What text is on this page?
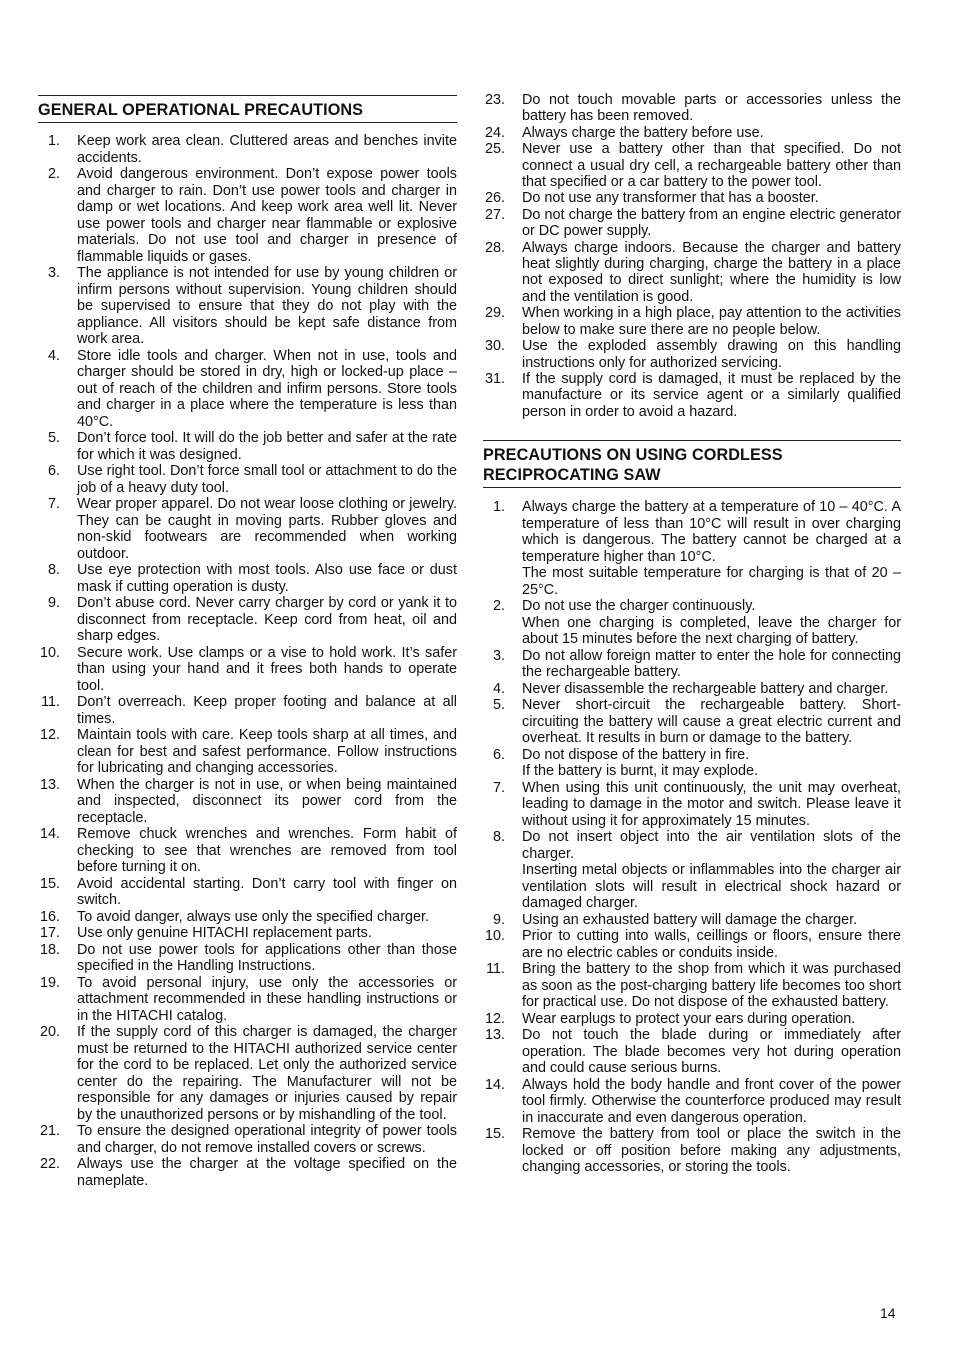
GENERAL OPERATIONAL PRECAUTIONS
1. Keep work area clean. Cluttered areas and benches invite accidents.
2. Avoid dangerous environment. Don’t expose power tools and charger to rain. Don’t use power tools and charger in damp or wet locations. And keep work area well lit. Never use power tools and charger near flammable or explosive materials. Do not use tool and charger in presence of flammable liquids or gases.
3. The appliance is not intended for use by young children or infirm persons without supervision. Young children should be supervised to ensure that they do not play with the appliance. All visitors should be kept safe distance from work area.
4. Store idle tools and charger. When not in use, tools and charger should be stored in dry, high or locked-up place – out of reach of the children and infirm persons. Store tools and charger in a place where the temperature is less than 40°C.
5. Don’t force tool. It will do the job better and safer at the rate for which it was designed.
6. Use right tool. Don’t force small tool or attachment to do the job of a heavy duty tool.
7. Wear proper apparel. Do not wear loose clothing or jewelry. They can be caught in moving parts. Rubber gloves and non-skid footwears are recommended when working outdoor.
8. Use eye protection with most tools. Also use face or dust mask if cutting operation is dusty.
9. Don’t abuse cord. Never carry charger by cord or yank it to disconnect from receptacle. Keep cord from heat, oil and sharp edges.
10. Secure work. Use clamps or a vise to hold work. It’s safer than using your hand and it frees both hands to operate tool.
11. Don’t overreach. Keep proper footing and balance at all times.
12. Maintain tools with care. Keep tools sharp at all times, and clean for best and safest performance. Follow instructions for lubricating and changing accessories.
13. When the charger is not in use, or when being maintained and inspected, disconnect its power cord from the receptacle.
14. Remove chuck wrenches and wrenches. Form habit of checking to see that wrenches are removed from tool before turning it on.
15. Avoid accidental starting. Don’t carry tool with finger on switch.
16. To avoid danger, always use only the specified charger.
17. Use only genuine HITACHI replacement parts.
18. Do not use power tools for applications other than those specified in the Handling Instructions.
19. To avoid personal injury, use only the accessories or attachment recommended in these handling instructions or in the HITACHI catalog.
20. If the supply cord of this charger is damaged, the charger must be returned to the HITACHI authorized service center for the cord to be replaced. Let only the authorized service center do the repairing. The Manufacturer will not be responsible for any damages or injuries caused by repair by the unauthorized persons or by mishandling of the tool.
21. To ensure the designed operational integrity of power tools and charger, do not remove installed covers or screws.
22. Always use the charger at the voltage specified on the nameplate.
23. Do not touch movable parts or accessories unless the battery has been removed.
24. Always charge the battery before use.
25. Never use a battery other than that specified. Do not connect a usual dry cell, a rechargeable battery other than that specified or a car battery to the power tool.
26. Do not use any transformer that has a booster.
27. Do not charge the battery from an engine electric generator or DC power supply.
28. Always charge indoors. Because the charger and battery heat slightly during charging, charge the battery in a place not exposed to direct sunlight; where the humidity is low and the ventilation is good.
29. When working in a high place, pay attention to the activities below to make sure there are no people below.
30. Use the exploded assembly drawing on this handling instructions only for authorized servicing.
31. If the supply cord is damaged, it must be replaced by the manufacture or its service agent or a similarly qualified person in order to avoid a hazard.
PRECAUTIONS ON USING CORDLESS
RECIPROCATING SAW
1. Always charge the battery at a temperature of 10 – 40°C. A temperature of less than 10°C will result in over charging which is dangerous. The battery cannot be charged at a temperature higher than 10°C.
The most suitable temperature for charging is that of 20 – 25°C.
2. Do not use the charger continuously.
When one charging is completed, leave the charger for about 15 minutes before the next charging of battery.
3. Do not allow foreign matter to enter the hole for connecting the rechargeable battery.
4. Never disassemble the rechargeable battery and charger.
5. Never short-circuit the rechargeable battery. Short-circuiting the battery will cause a great electric current and overheat. It results in burn or damage to the battery.
6. Do not dispose of the battery in fire.
If the battery is burnt, it may explode.
7. When using this unit continuously, the unit may overheat, leading to damage in the motor and switch. Please leave it without using it for approximately 15 minutes.
8. Do not insert object into the air ventilation slots of the charger.
Inserting metal objects or inflammables into the charger air ventilation slots will result in electrical shock hazard or damaged charger.
9. Using an exhausted battery will damage the charger.
10. Prior to cutting into walls, ceillings or floors, ensure there are no electric cables or conduits inside.
11. Bring the battery to the shop from which it was purchased as soon as the post-charging battery life becomes too short for practical use. Do not dispose of the exhausted battery.
12. Wear earplugs to protect your ears during operation.
13. Do not touch the blade during or immediately after operation. The blade becomes very hot during operation and could cause serious burns.
14. Always hold the body handle and front cover of the power tool firmly. Otherwise the counterforce produced may result in inaccurate and even dangerous operation.
15. Remove the battery from tool or place the switch in the locked or off position before making any adjustments, changing accessories, or storing the tools.
14
